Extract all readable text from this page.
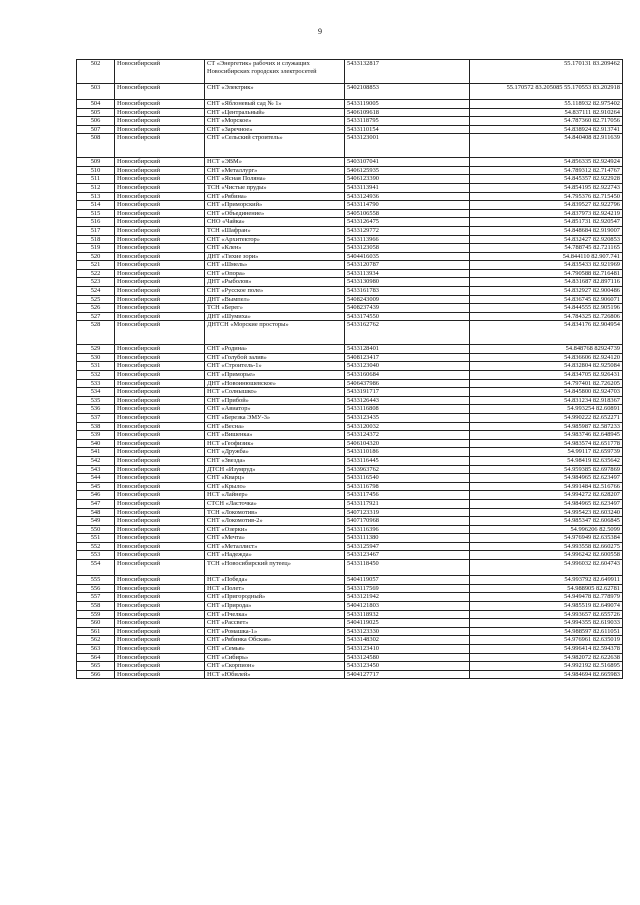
9
502	Новосибирский	СТ «Энергетик» рабочих и служащих Новосибирских городских электросетей	5433132817	55.170131 83.209462
503	Новосибирский	СНТ «Электрик»	5402108853	55.170572 83.205085 55.170553 83.202918
504	Новосибирский	СНТ «Яблоневый сад № 1»	5433119005	55.118932 82.975402
505	Новосибирский	СНТ «Центральный»	5406109618	54.837111 82.910264
506	Новосибирский	СНТ «Морское»	5433118795	54.787360 82.717056
507	Новосибирский	СНТ «Заречное»	5433110154	54.838924 82.913741
508	Новосибирский	СНТ «Сельский строитель»	5433123001	54.840408 82.911639
509	Новосибирский	НСТ «ЭВМ»	5403107041	54.856335 82.924924
510	Новосибирский	СНТ «Металлург»	5406125935	54.789312 82.714767
511	Новосибирский	СНТ «Ясная Поляна»	5406123390	54.845357 82.922928
512	Новосибирский	ТСН «Чистые пруды»	5433113941	54.854195 82.922743
513	Новосибирский	СНТ «Рябина»	5433124936	54.795376 82.715450
514	Новосибирский	СНТ «Приморский»	5433114790	54.839527 82.922796
515	Новосибирский	СНТ «Объединение»	5405106558	54.837973 82.924219
516	Новосибирский	СНО «Чайка»	5433126475	54.851731 82.920547
517	Новосибирский	ТСН «Шафран»	5433129772	54.848684 82.919007
518	Новосибирский	СНТ «Архитектор»	5433113966	54.832427 82.920853
519	Новосибирский	СНТ «Клен»	5433123058	54.788745 82.721165
520	Новосибирский	ДНТ «Тихие зори»	5404416035	54.844110 82.907.741
521	Новосибирский	СНТ «Шмель»	5433120787	54.835433 82.921969
522	Новосибирский	СНТ «Опора»	5433113934	54.790588 82.716481
523	Новосибирский	ДНТ «Рыболов»	5433130980	54.831687 82.897116
524	Новосибирский	СНТ «Русское поле»	5433161783	54.832927 82.900486
525	Новосибирский	ДНТ «Вымпел»	5408243009	54.836745 82.906071
526	Новосибирский	ТСН «Берег»	5408237439	54.844555 82.905196
527	Новосибирский	ДНТ «Шумиха»	5433174550	54.784325 82.726806
528	Новосибирский	ДНТСН «Морские просторы»	5433162762	54.834176 82.904954
529	Новосибирский	СНТ «Родина»	5433128401	54.848768 82924739
530	Новосибирский	СНТ «Голубой залив»	5408123417	54.836606 82.924120
531	Новосибирский	СНТ «Строитель-1»	5433123040	54.832804 82.925084
532	Новосибирский	СНТ «Приморье»	5433160684	54.834705 82.926431
533	Новосибирский	ДНТ «Новоинюшевское»	5406437986	54.797401 82.726205
534	Новосибирский	НСТ «Солнышко»	5433191717	54.845800 82.924703
535	Новосибирский	СНТ «Прибой»	5433126443	54.831234 82.918367
536	Новосибирский	СНТ «Авиатор»	5433116808	54.993254 82.60891
537	Новосибирский	СНТ «Березка ЭМУ-3»	5433123435	54.990222 82.652271
538	Новосибирский	СНТ «Весна»	5433120032	54.985987 82.587233
539	Новосибирский	СНТ «Вишенка»	5433124372	54.983746 82.648945
540	Новосибирский	НСТ «Геофизик»	5406104320	54.983574 82.651778
541	Новосибирский	СНТ «Дружба»	5433110186	54.99117 82.659739
542	Новосибирский	СНТ «Звезда»	5433116445	54.98419 82.635642
543	Новосибирский	ДТСН «Изумруд»	5433963762	54.959385 82.697869
544	Новосибирский	СНТ «Кварц»	5433116540	54.984965 82.623497
545	Новосибирский	СНТ «Крыло»	5433116798	54.991484 82.516766
546	Новосибирский	НСТ «Лайнер»	5433117456	54.994272 82.628207
547	Новосибирский	СТСН «Ласточка»	5433117921	54.984965 82.623497
548	Новосибирский	ТСН «Локомотив»	5407123319	54.995423 82.603240
549	Новосибирский	СНТ «Локомотив-2»	5407170968	54.985347 82.606845
550	Новосибирский	СНТ «Озерки»	5433116396	54.996206 82.5099
551	Новосибирский	СНТ «Мечта»	5433111380	54.976949 82.635384
552	Новосибирский	СНТ «Металлист»	5433125947	54.993558 82.660275
553	Новосибирский	СНТ «Надежда»	5433123467	54.996242 82.600558
554	Новосибирский	ТСН «Новосибирский путеец»	5433118450	54.996032 82.604743
555	Новосибирский	НСТ «Победа»	5404119057	54.993792 82.649911
556	Новосибирский	НСТ «Полет»	5433117569	54.988905 82.62781
557	Новосибирский	СНТ «Пригородный»	5433121942	54.949478 82.778979
558	Новосибирский	СНТ «Природа»	5404121803	54.985519 82.649074
559	Новосибирский	СНТ «Пчелка»	5433118932	54.993657 82.655726
560	Новосибирский	СНТ «Рассвет»	5404119025	54.994355 82.619033
561	Новосибирский	СНТ «Ромашка-1»	5433123330	54.988597 82.611051
562	Новосибирский	СНТ «Рябинка Обская»	5433148302	54.976961 82.635019
563	Новосибирский	СНТ «Семья»	5433123410	54.996414 82.594378
564	Новосибирский	СНТ «Сибирь»	5433124580	54.982072 82.622638
565	Новосибирский	СНТ «Скорпион»	5433123450	54.992192 82.516895
566	Новосибирский	НСТ «Юбилей»	5404127717	54.984694 82.665983
